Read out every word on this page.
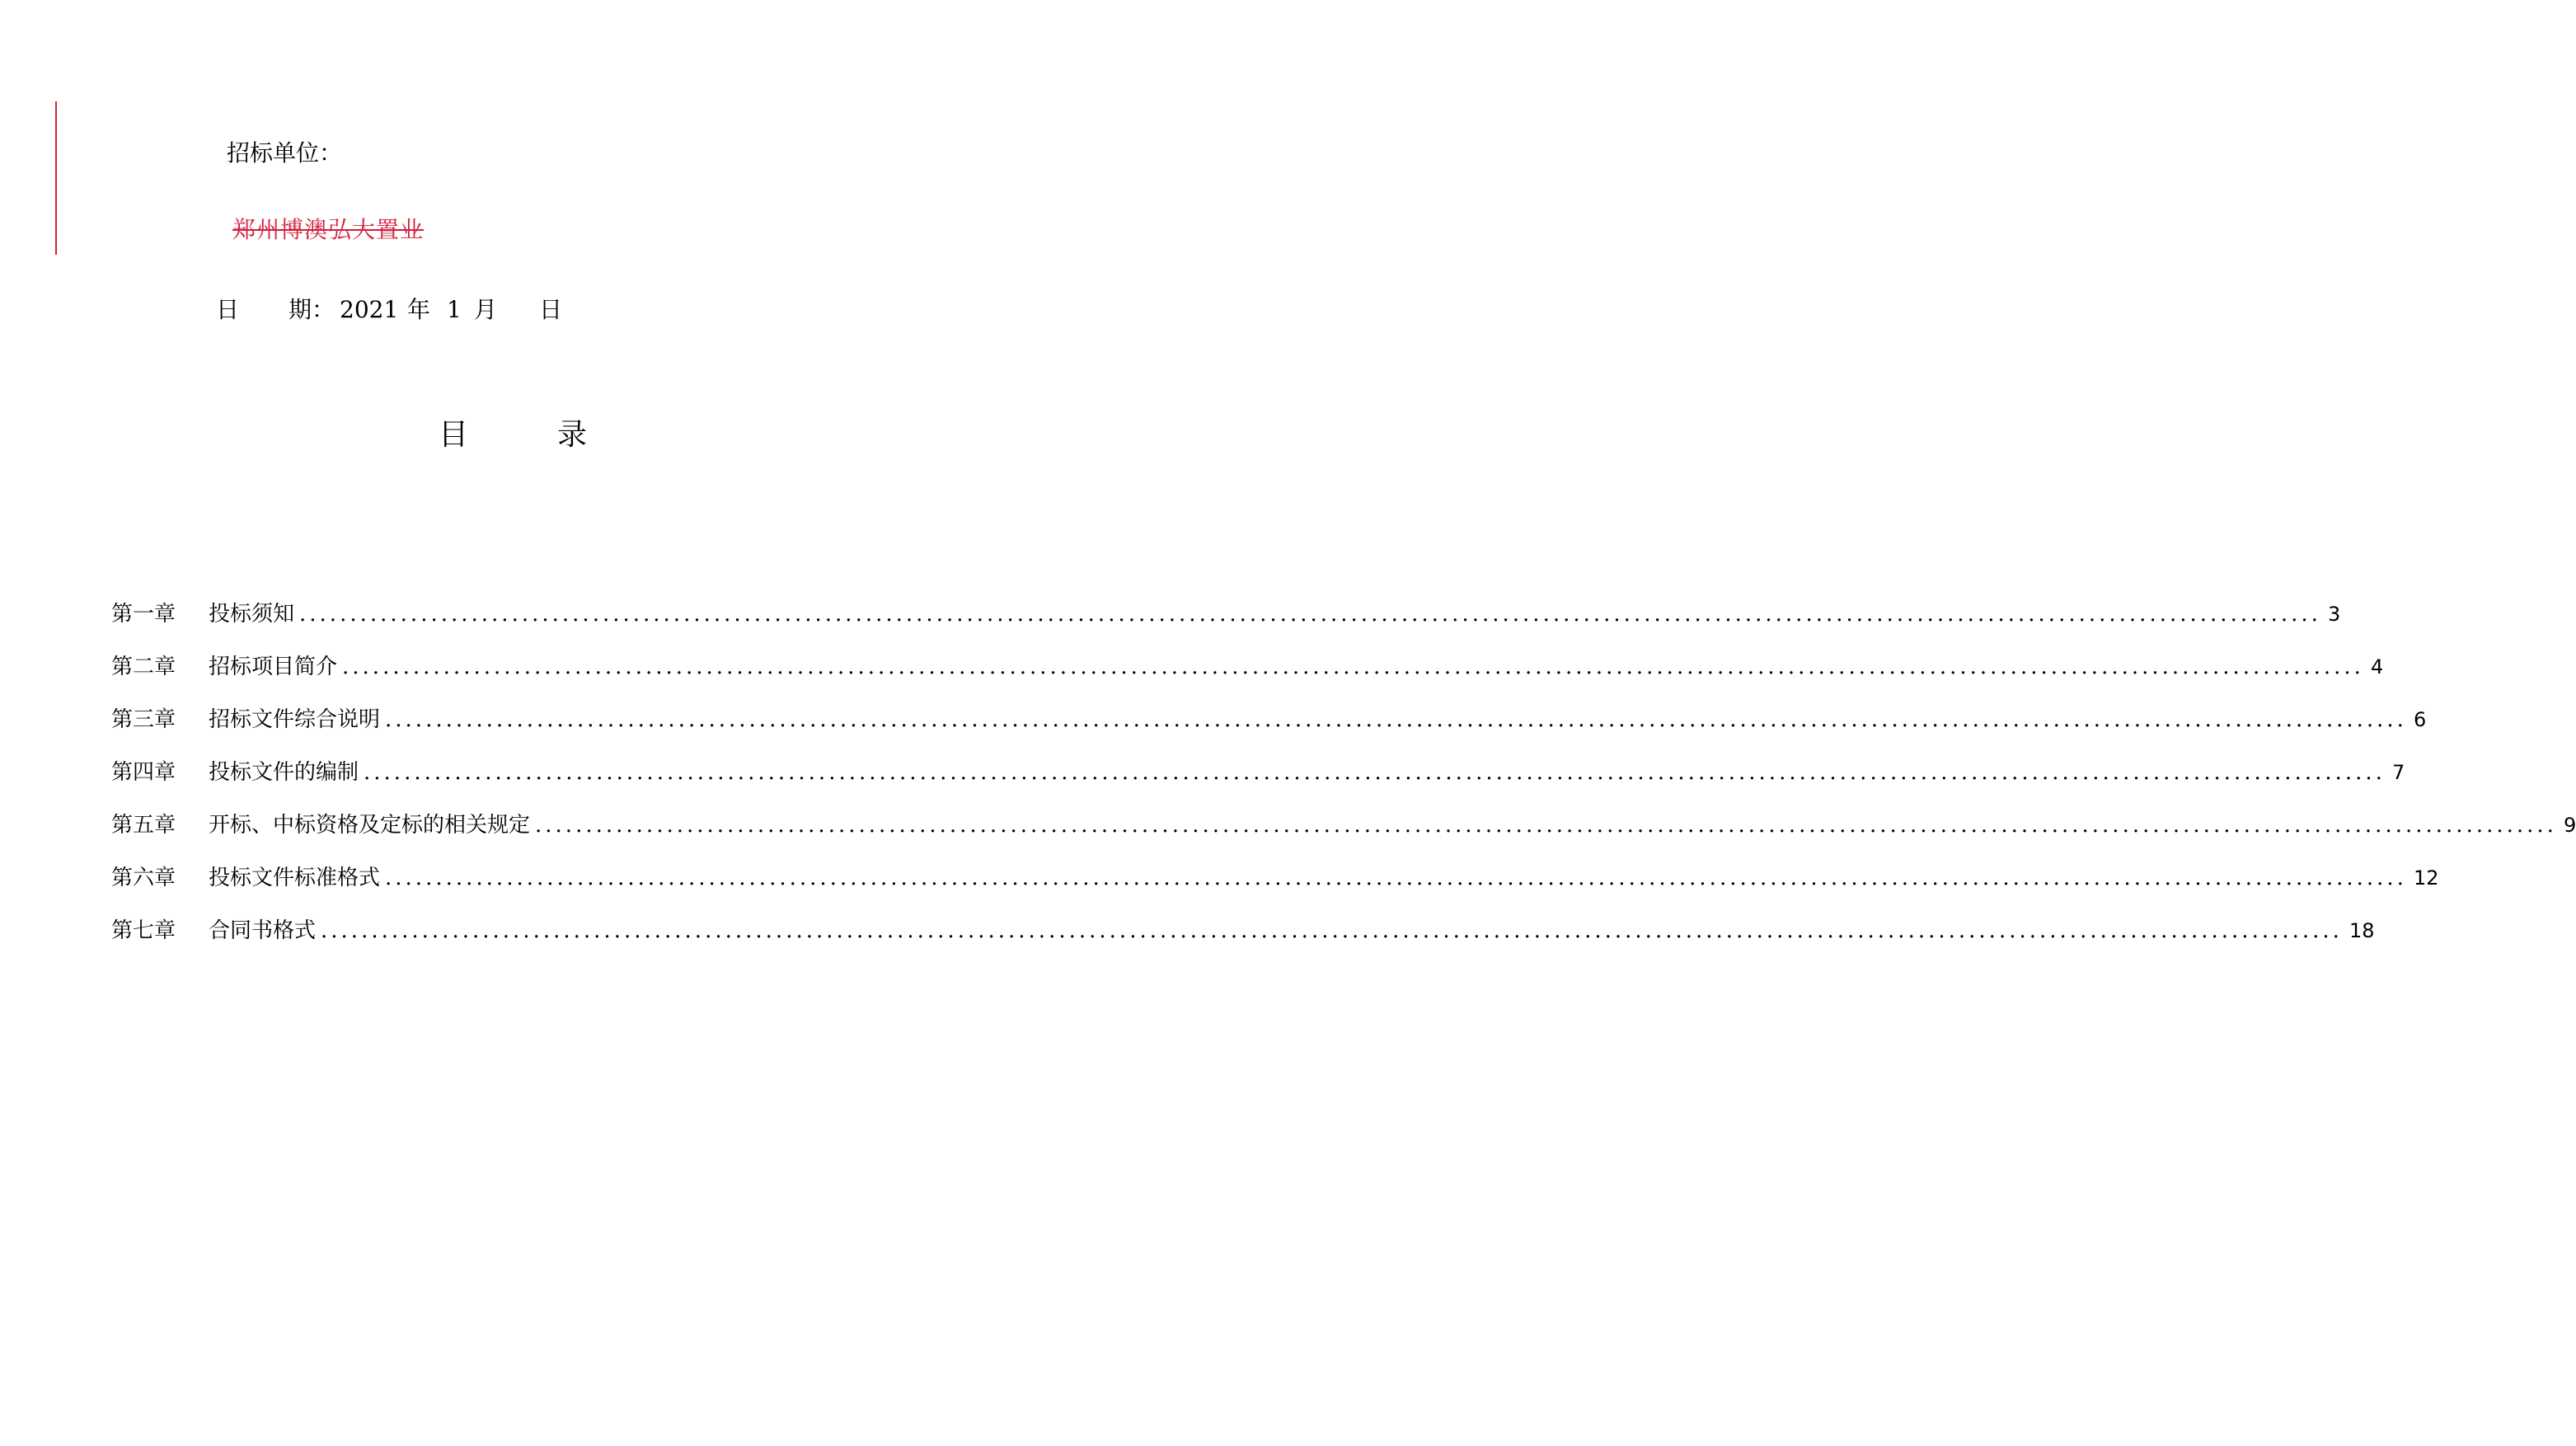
招标单位：
郑州博澳弘大置业
日 期： 2021 年 1 月 日
目	录
第一章	投标须知 ........................................................................................................................................................................................................ 3
第二章	招标项目简介 ........................................................................................................................................................................................................ 4
第三章	招标文件综合说明 ........................................................................................................................................................................................................ 6
第四章	投标文件的编制 ........................................................................................................................................................................................................ 7
第五章	开标、中标资格及定标的相关规定 ........................................................................................................................................................................................................ 9
第六章	投标文件标准格式 ........................................................................................................................................................................................................ 12
第七章	合同书格式 ........................................................................................................................................................................................................ 18
